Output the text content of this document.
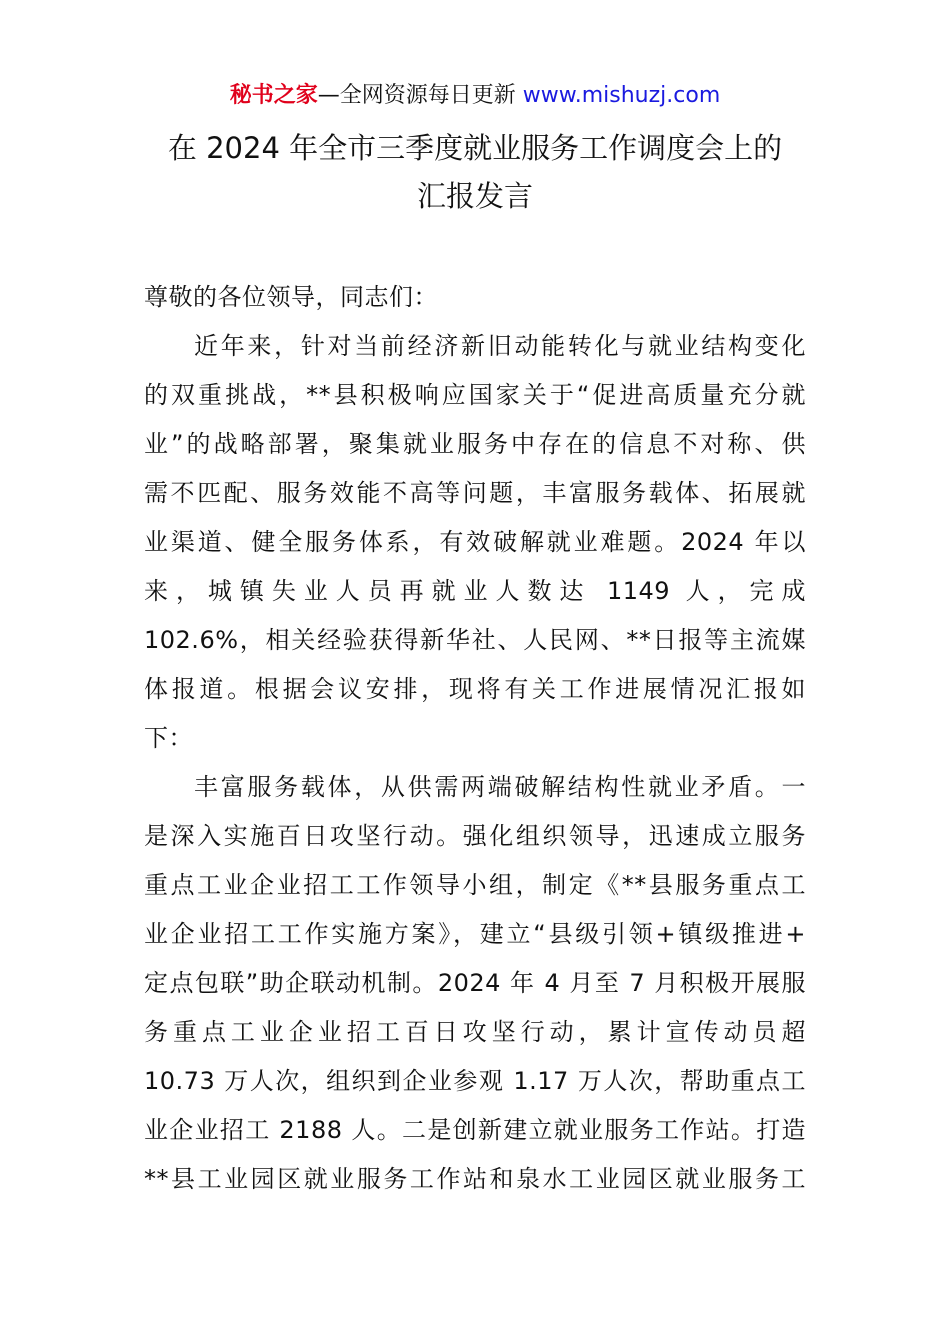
秘书之家—全网资源每日更新 www.mishuzj.com
在 2024 年全市三季度就业服务工作调度会上的
汇报发言
尊敬的各位领导，同志们：
近年来，针对当前经济新旧动能转化与就业结构变化
的双重挑战，**县积极响应国家关于“促进高质量充分就
业”的战略部署，聚集就业服务中存在的信息不对称、供
需不匹配、服务效能不高等问题，丰富服务载体、拓展就
业渠道、健全服务体系，有效破解就业难题。2024 年以
来，城镇失业人员再就业人数达 1149 人，完成
102.6%，相关经验获得新华社、人民网、**日报等主流媒
体报道。根据会议安排，现将有关工作进展情况汇报如
下：
丰富服务载体，从供需两端破解结构性就业矛盾。一
是深入实施百日攻坚行动。强化组织领导，迅速成立服务
重点工业企业招工工作领导小组，制定《**县服务重点工
业企业招工工作实施方案》，建立“县级引领+镇级推进+
定点包联”助企联动机制。2024 年 4 月至 7 月积极开展服
务重点工业企业招工百日攻坚行动，累计宣传动员超
10.73 万人次，组织到企业参观 1.17 万人次，帮助重点工
业企业招工 2188 人。二是创新建立就业服务工作站。打造
**县工业园区就业服务工作站和泉水工业园区就业服务工
